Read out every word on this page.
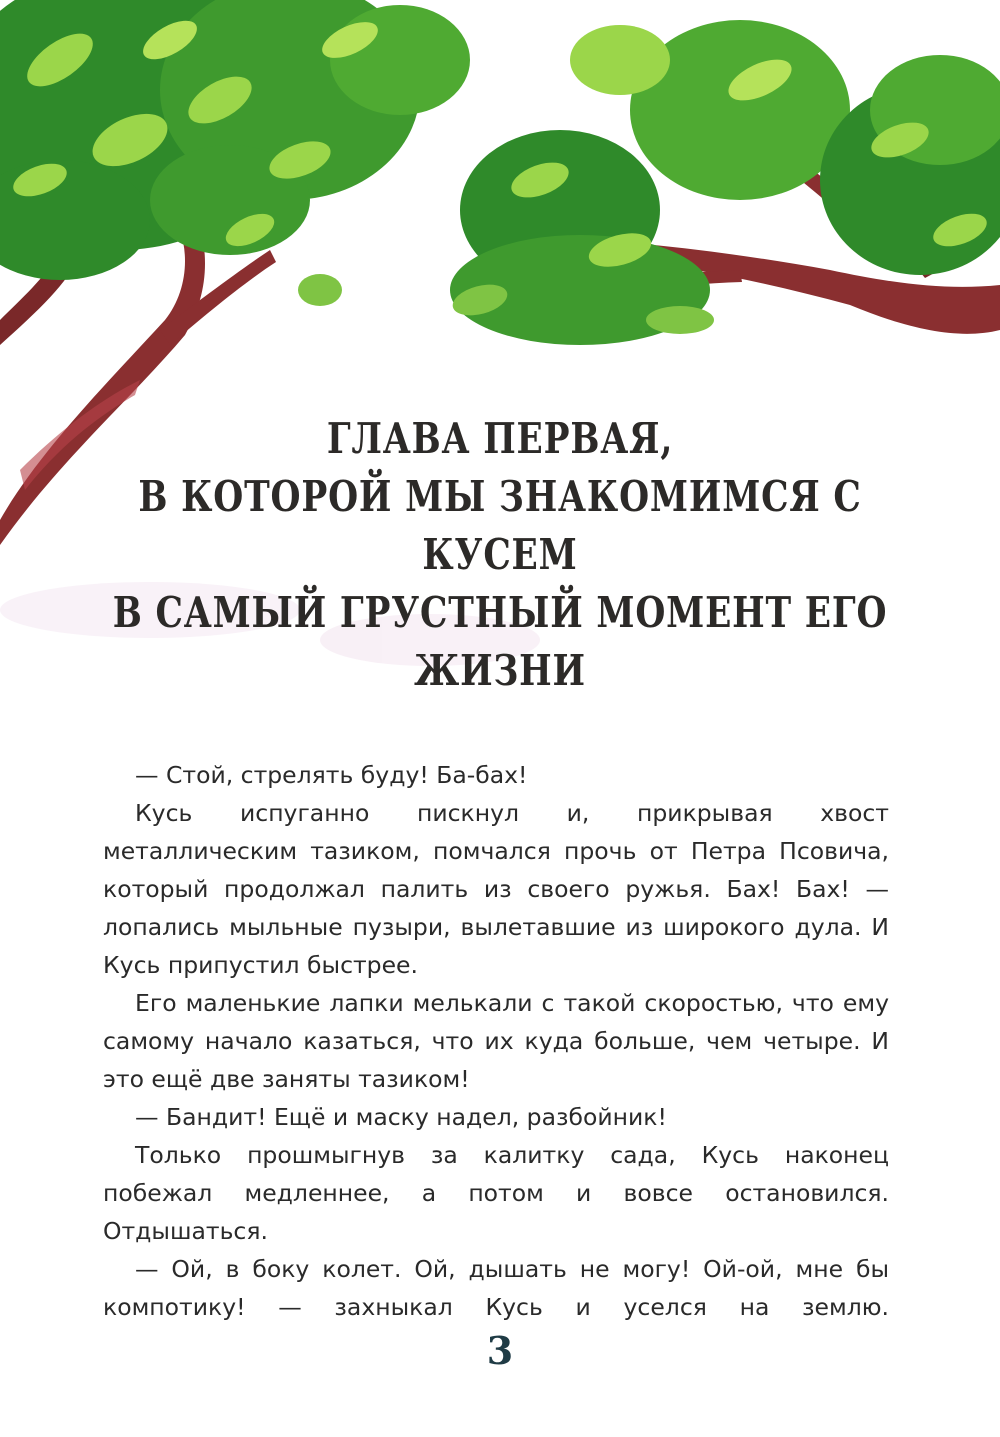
ГЛАВА ПЕРВАЯ,
В КОТОРОЙ МЫ ЗНАКОМИМСЯ С КУСЕМ
В САМЫЙ ГРУСТНЫЙ МОМЕНТ ЕГО ЖИЗНИ

— Стой, стрелять буду! Ба-бах!

Кусь испуганно пискнул и, прикрывая хвост металлическим тазиком, помчался прочь от Петра Псовича, который продолжал палить из своего ружья. Бах! Бах! — лопались мыльные пузыри, вылетавшие из широкого дула. И Кусь припустил быстрее.

Его маленькие лапки мелькали с такой скоростью, что ему самому начало казаться, что их куда больше, чем четыре. И это ещё две заняты тазиком!

— Бандит! Ещё и маску надел, разбойник!

Только прошмыгнув за калитку сада, Кусь наконец побежал медленнее, а потом и вовсе остановился. Отдышаться.

— Ой, в боку колет. Ой, дышать не могу! Ой-ой, мне бы компотику! — захныкал Кусь и уселся на землю.

3
